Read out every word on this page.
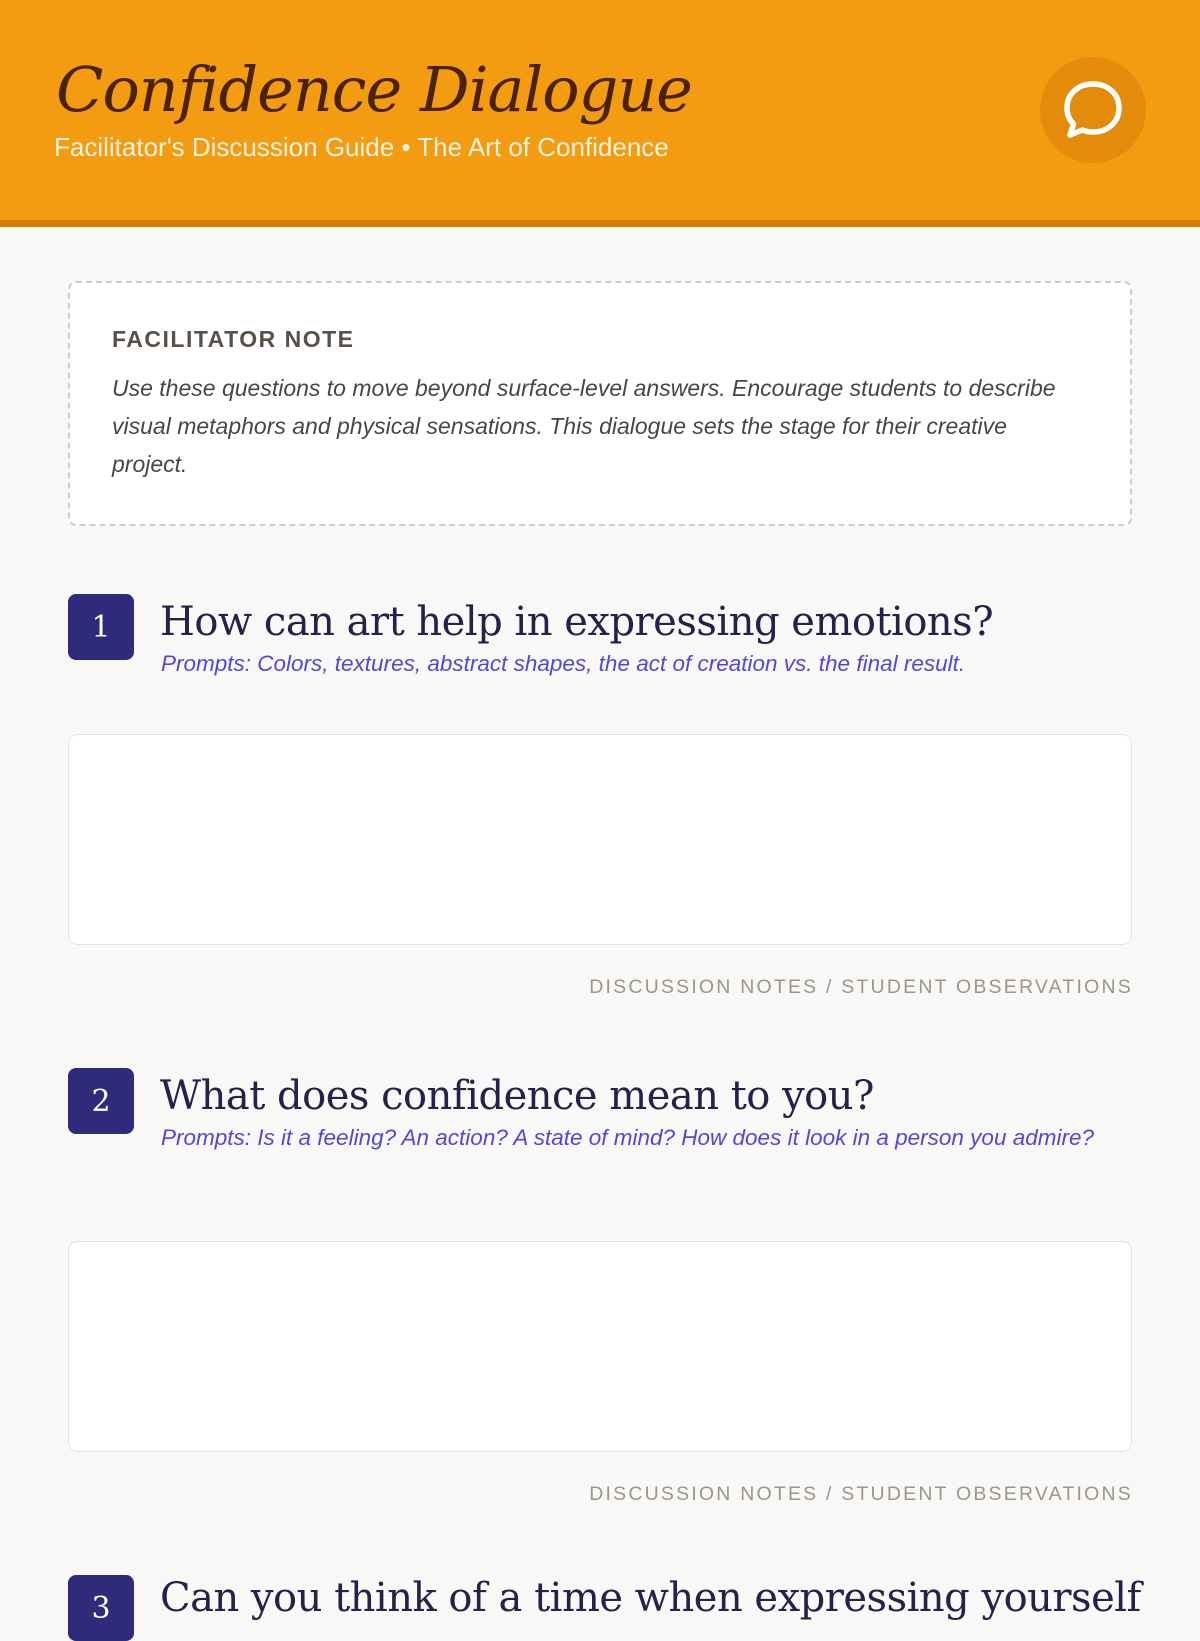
Confidence Dialogue
Facilitator's Discussion Guide • The Art of Confidence
FACILITATOR NOTE

Use these questions to move beyond surface-level answers. Encourage students to describe visual metaphors and physical sensations. This dialogue sets the stage for their creative project.

1	How can art help in expressing emotions?

Prompts: Colors, textures, abstract shapes, the act of creation vs. the final result.

DISCUSSION NOTES / STUDENT OBSERVATIONS
2	What does confidence mean to you?

Prompts: Is it a feeling? An action? A state of mind? How does it look in a person you admire?

DISCUSSION NOTES / STUDENT OBSERVATIONS
3	Can you think of a time when expressing yourself
